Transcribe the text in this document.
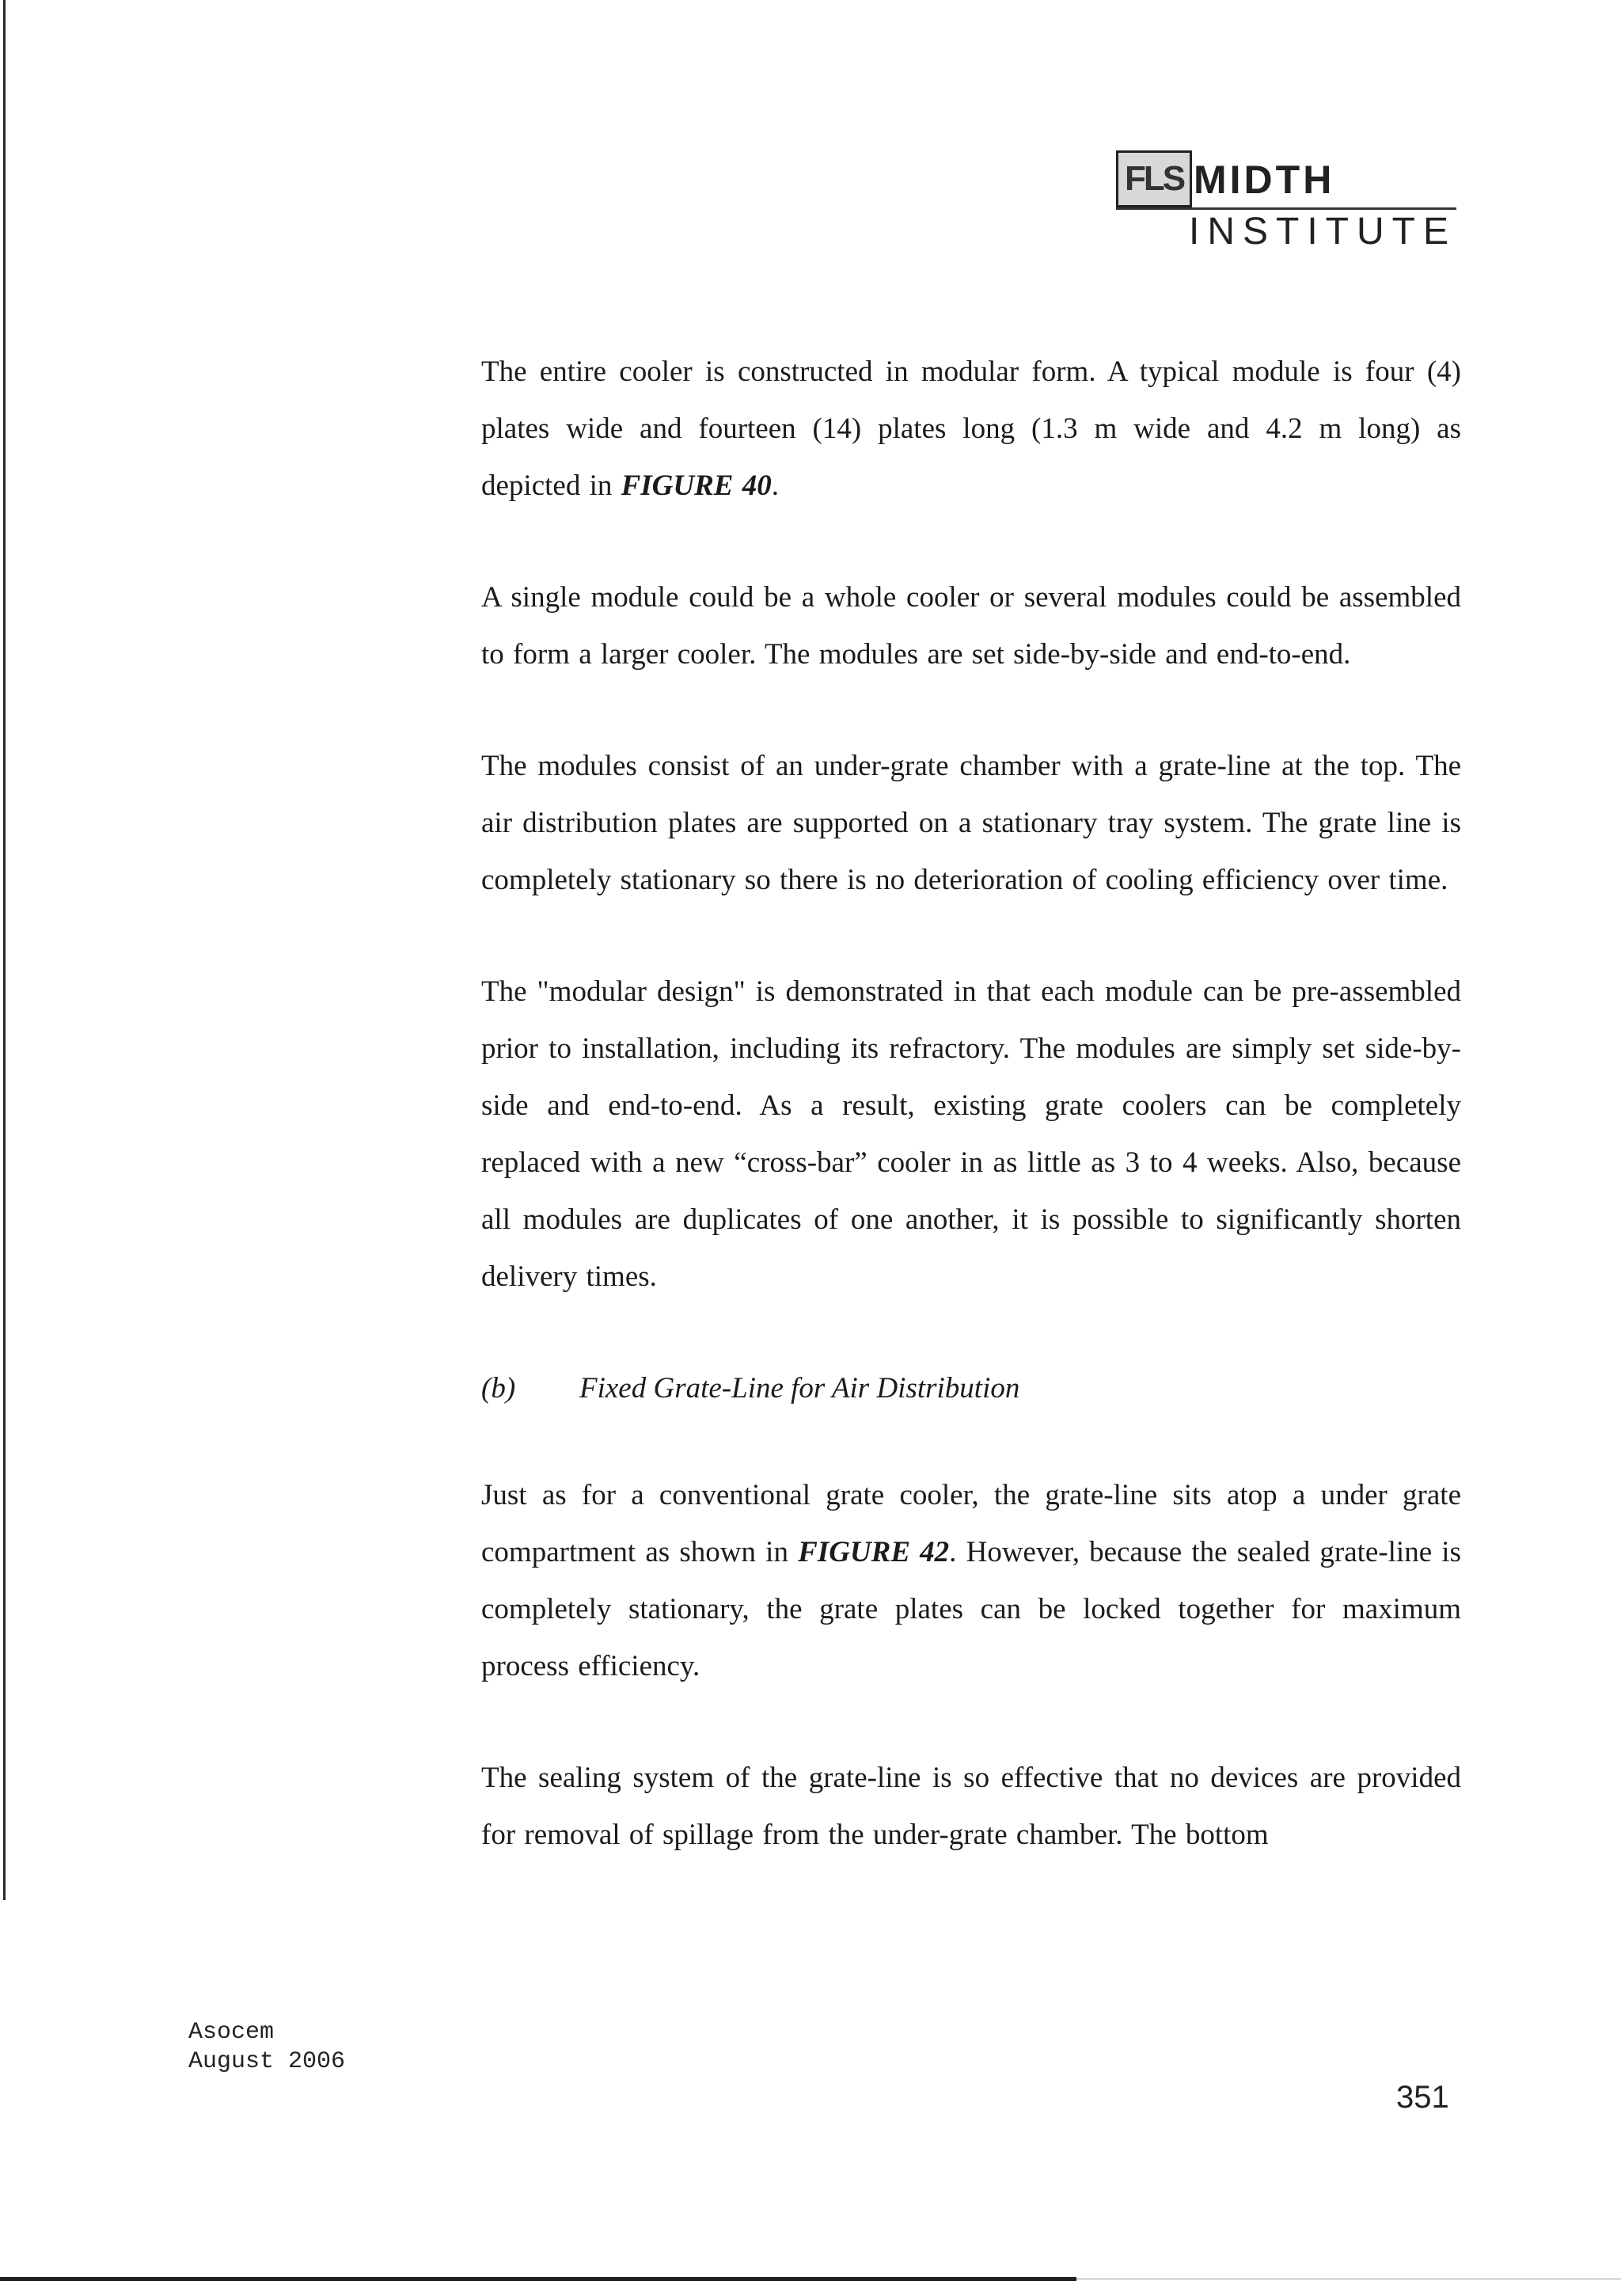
FLS MIDTH
INSTITUTE

The entire cooler is constructed in modular form. A typical module is four (4) plates wide and fourteen (14) plates long (1.3 m wide and 4.2 m long) as depicted in FIGURE 40.

A single module could be a whole cooler or several modules could be assembled to form a larger cooler. The modules are set side-by-side and end-to-end.

The modules consist of an under-grate chamber with a grate-line at the top. The air distribution plates are supported on a stationary tray system. The grate line is completely stationary so there is no deterioration of cooling efficiency over time.

The "modular design" is demonstrated in that each module can be pre-assembled prior to installation, including its refractory. The modules are simply set side-by-side and end-to-end. As a result, existing grate coolers can be completely replaced with a new “cross-bar” cooler in as little as 3 to 4 weeks. Also, because all modules are duplicates of one another, it is possible to significantly shorten delivery times.

(b) Fixed Grate-Line for Air Distribution

Just as for a conventional grate cooler, the grate-line sits atop a under grate compartment as shown in FIGURE 42. However, because the sealed grate-line is completely stationary, the grate plates can be locked together for maximum process efficiency.

The sealing system of the grate-line is so effective that no devices are provided for removal of spillage from the under-grate chamber. The bottom

Asocem
August 2006
351
